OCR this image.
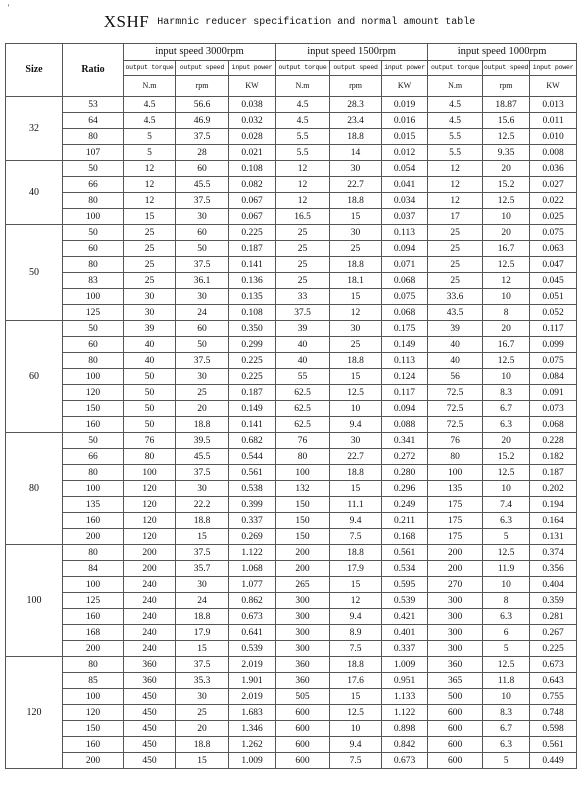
'
XSHF Harmnic reducer specification and normal amount table
Size	Ratio	input speed 3000rpm			input speed 1500rpm			input speed 1000rpm		
		output torque	output speed	input power	output torque	output speed	input power	output torque	output speed	input power
		N.m	rpm	KW	N.m	rpm	KW	N.m	rpm	KW
32	53	4.5	56.6	0.038	4.5	28.3	0.019	4.5	18.87	0.013
	64	4.5	46.9	0.032	4.5	23.4	0.016	4.5	15.6	0.011
	80	5	37.5	0.028	5.5	18.8	0.015	5.5	12.5	0.010
	107	5	28	0.021	5.5	14	0.012	5.5	9.35	0.008
40	50	12	60	0.108	12	30	0.054	12	20	0.036
	66	12	45.5	0.082	12	22.7	0.041	12	15.2	0.027
	80	12	37.5	0.067	12	18.8	0.034	12	12.5	0.022
	100	15	30	0.067	16.5	15	0.037	17	10	0.025
50	50	25	60	0.225	25	30	0.113	25	20	0.075
	60	25	50	0.187	25	25	0.094	25	16.7	0.063
	80	25	37.5	0.141	25	18.8	0.071	25	12.5	0.047
	83	25	36.1	0.136	25	18.1	0.068	25	12	0.045
	100	30	30	0.135	33	15	0.075	33.6	10	0.051
	125	30	24	0.108	37.5	12	0.068	43.5	8	0.052
60	50	39	60	0.350	39	30	0.175	39	20	0.117
	60	40	50	0.299	40	25	0.149	40	16.7	0.099
	80	40	37.5	0.225	40	18.8	0.113	40	12.5	0.075
	100	50	30	0.225	55	15	0.124	56	10	0.084
	120	50	25	0.187	62.5	12.5	0.117	72.5	8.3	0.091
	150	50	20	0.149	62.5	10	0.094	72.5	6.7	0.073
	160	50	18.8	0.141	62.5	9.4	0.088	72.5	6.3	0.068
80	50	76	39.5	0.682	76	30	0.341	76	20	0.228
	66	80	45.5	0.544	80	22.7	0.272	80	15.2	0.182
	80	100	37.5	0.561	100	18.8	0.280	100	12.5	0.187
	100	120	30	0.538	132	15	0.296	135	10	0.202
	135	120	22.2	0.399	150	11.1	0.249	175	7.4	0.194
	160	120	18.8	0.337	150	9.4	0.211	175	6.3	0.164
	200	120	15	0.269	150	7.5	0.168	175	5	0.131
100	80	200	37.5	1.122	200	18.8	0.561	200	12.5	0.374
	84	200	35.7	1.068	200	17.9	0.534	200	11.9	0.356
	100	240	30	1.077	265	15	0.595	270	10	0.404
	125	240	24	0.862	300	12	0.539	300	8	0.359
	160	240	18.8	0.673	300	9.4	0.421	300	6.3	0.281
	168	240	17.9	0.641	300	8.9	0.401	300	6	0.267
	200	240	15	0.539	300	7.5	0.337	300	5	0.225
120	80	360	37.5	2.019	360	18.8	1.009	360	12.5	0.673
	85	360	35.3	1.901	360	17.6	0.951	365	11.8	0.643
	100	450	30	2.019	505	15	1.133	500	10	0.755
	120	450	25	1.683	600	12.5	1.122	600	8.3	0.748
	150	450	20	1.346	600	10	0.898	600	6.7	0.598
	160	450	18.8	1.262	600	9.4	0.842	600	6.3	0.561
	200	450	15	1.009	600	7.5	0.673	600	5	0.449
